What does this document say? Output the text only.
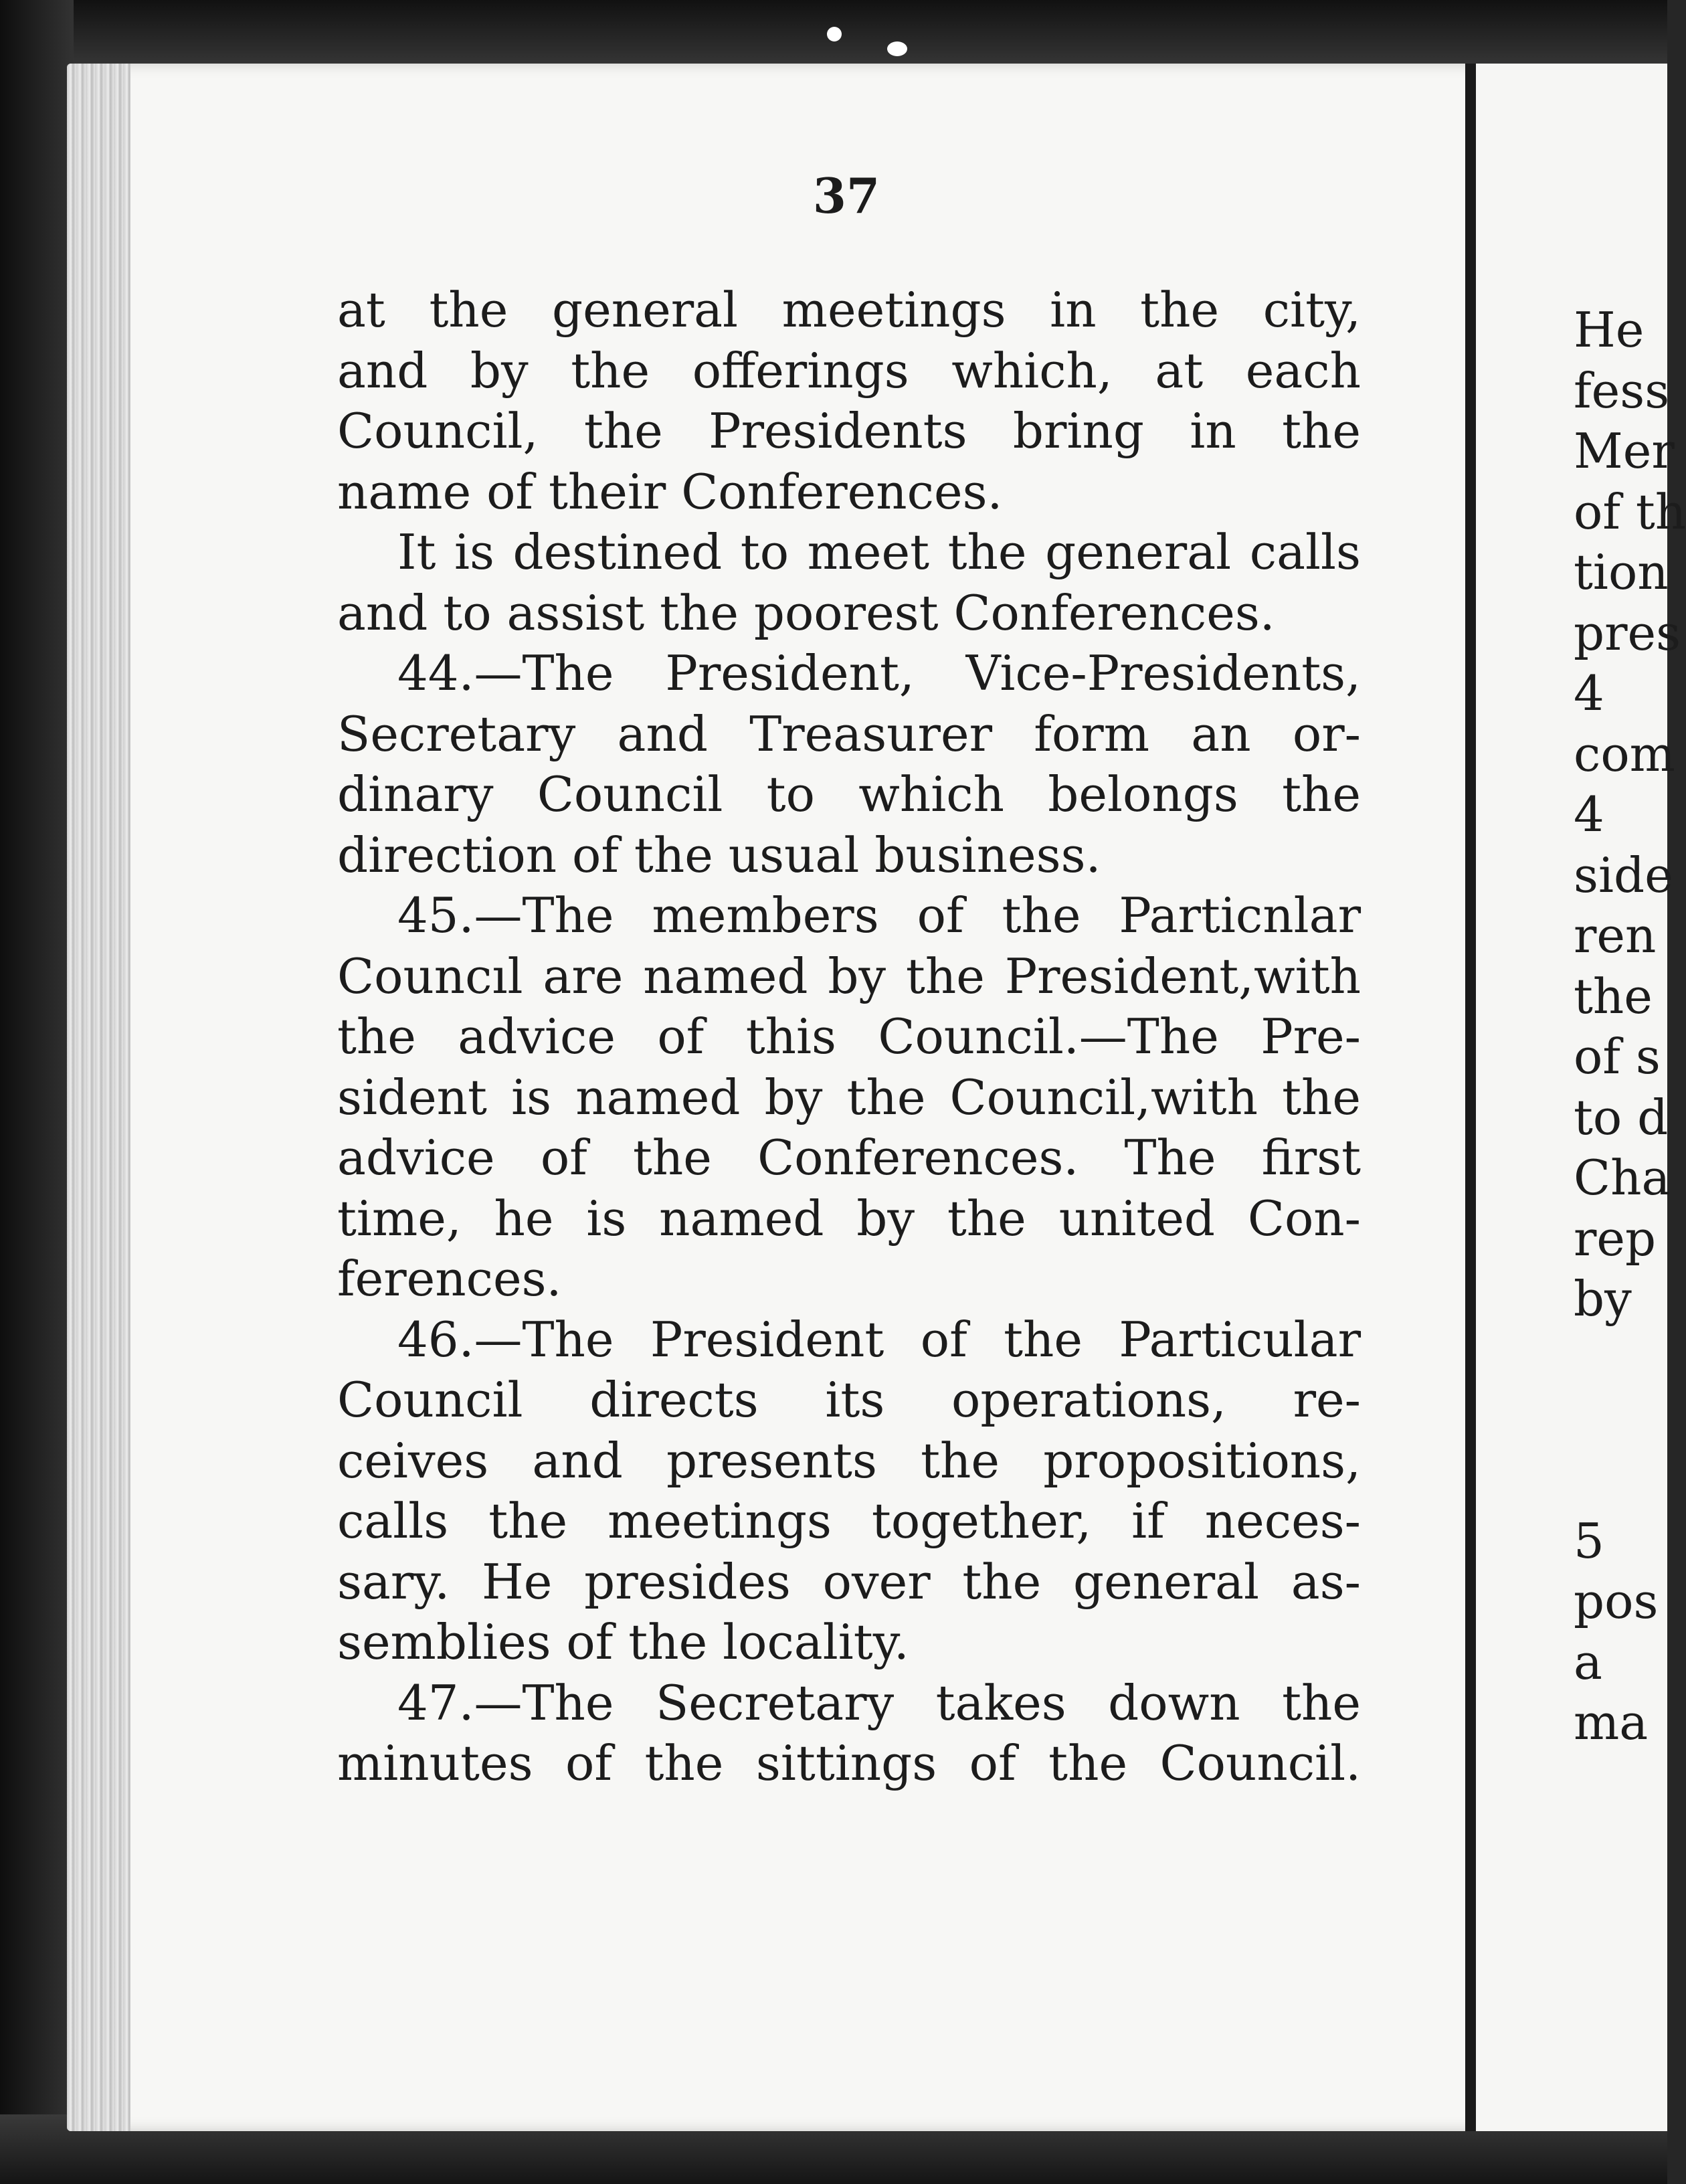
37
at the general meetings in the city,
and by the offerings which, at each
Council, the Presidents bring in the
name of their Conferences.
It is destined to meet the general calls
and to assist the poorest Conferences.
44.—The President, Vice-Presidents,
Secretary and Treasurer form an or-
dinary Council to which belongs the
direction of the usual business.
45.—The members of the Particnlar
Councıl are named by the President,with
the advice of this Council.—The Pre-
sident is named by the Council,with the
advice of the Conferences. The first
time, he is named by the united Con-
ferences.
46.—The President of the Particular
Council directs its operations, re-
ceives and presents the propositions,
calls the meetings together, if neces-
sary. He presides over the general as-
semblies of the locality.
47.—The Secretary takes down the
minutes of the sittings of the Council.
He
fess
Mer
of th
tion
pres
4
com
4
side
ren
the
of s
to d
Cha
rep
by
5
pos
a
ma
